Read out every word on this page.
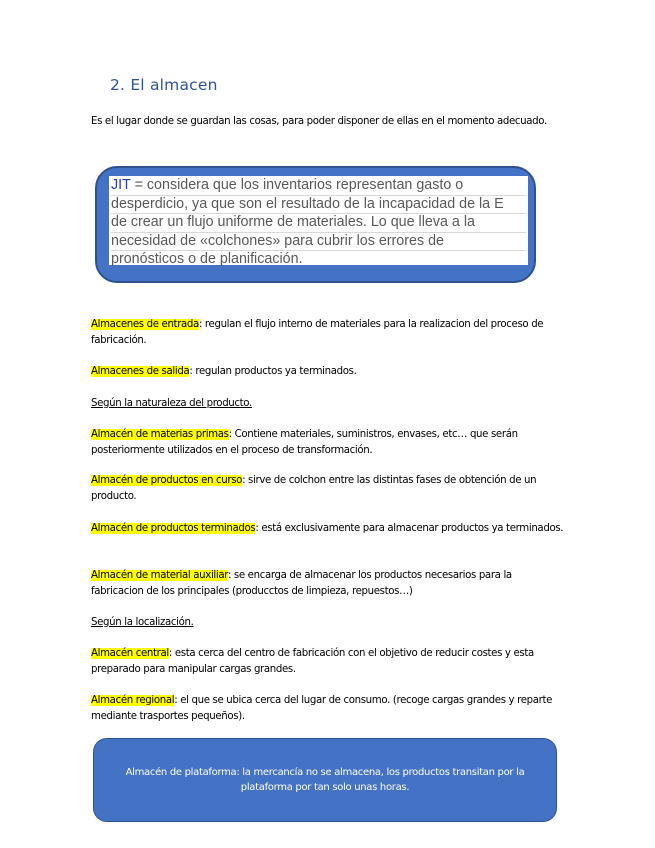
2. El almacen
Es el lugar donde se guardan las cosas, para poder disponer de ellas en el momento adecuado.
JIT = considera que los inventarios representan gasto o
desperdicio, ya que son el resultado de la incapacidad de la E
de crear un flujo uniforme de materiales. Lo que lleva a la
necesidad de «colchones» para cubrir los errores de
pronósticos o de planificación.
Almacenes de entrada: regulan el flujo interno de materiales para la realizacion del proceso de fabricación.
Almacenes de salida: regulan productos ya terminados.
Según la naturaleza del producto.
Almacén de materias primas: Contiene materiales, suministros, envases, etc… que serán posteriormente utilizados en el proceso de transformación.
Almacén de productos en curso: sirve de colchon entre las distintas fases de obtención de un producto.
Almacén de productos terminados: está exclusivamente para almacenar productos ya terminados.
Almacén de material auxiliar: se encarga de almacenar los productos necesarios para la fabricacion de los principales (producctos de limpieza, repuestos…)
Según la localización.
Almacén central: esta cerca del centro de fabricación con el objetivo de reducir costes y esta preparado para manipular cargas grandes.
Almacén regional: el que se ubica cerca del lugar de consumo. (recoge cargas grandes y reparte mediante trasportes pequeños).
Almacén de plataforma: la mercancía no se almacena, los productos transitan por la plataforma por tan solo unas horas.
